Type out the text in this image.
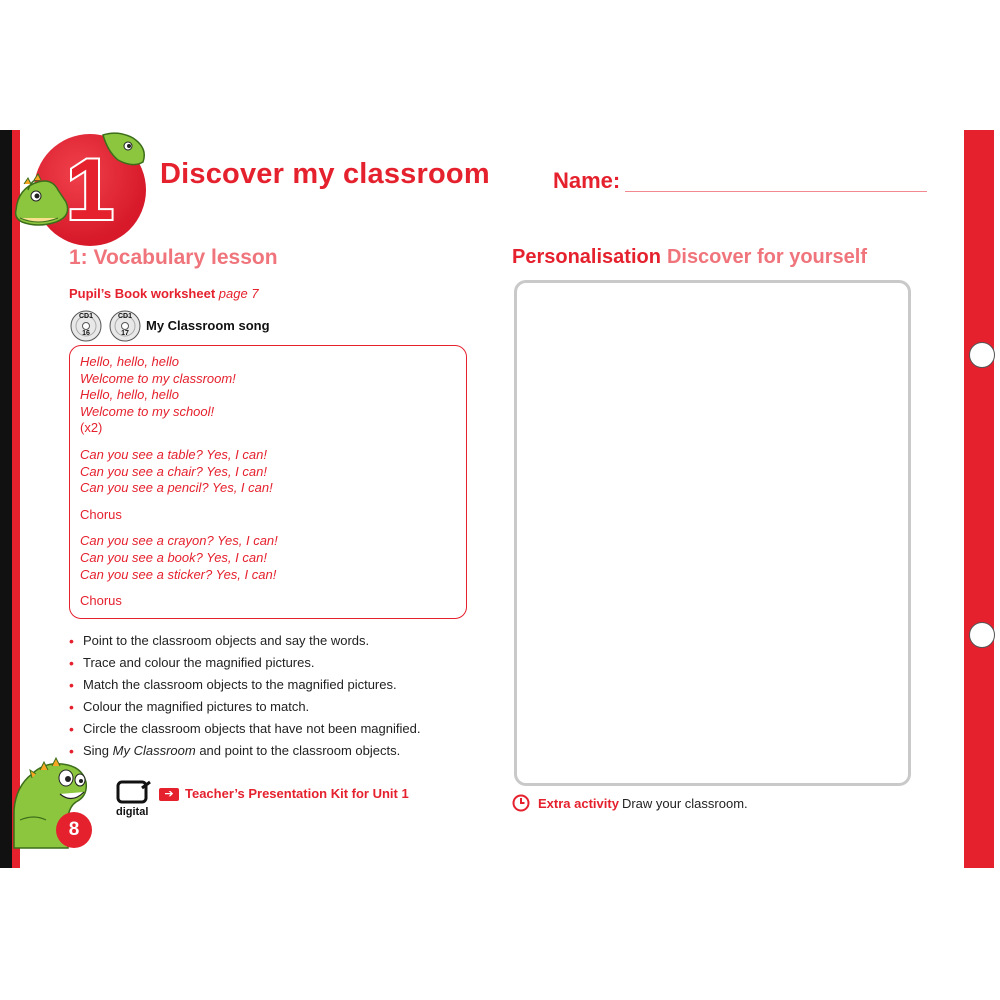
1 Discover my classroom	Name:
1: Vocabulary lesson
Pupil’s Book worksheet page 7
CD1
16
CD1
17
My Classroom song
Hello, hello, hello
Welcome to my classroom!
Hello, hello, hello
Welcome to my school!
(x2)
Can you see a table? Yes, I can!
Can you see a chair? Yes, I can!
Can you see a pencil? Yes, I can!
Chorus
Can you see a crayon? Yes, I can!
Can you see a book? Yes, I can!
Can you see a sticker? Yes, I can!
Chorus
• Point to the classroom objects and say the words.
• Trace and colour the magnified pictures.
• Match the classroom objects to the magnified pictures.
• Colour the magnified pictures to match.
• Circle the classroom objects that have not been magnified.
• Sing My Classroom and point to the classroom objects.
8
digital
➔ Teacher’s Presentation Kit for Unit 1
Personalisation Discover for yourself
Extra activity Draw your classroom.
